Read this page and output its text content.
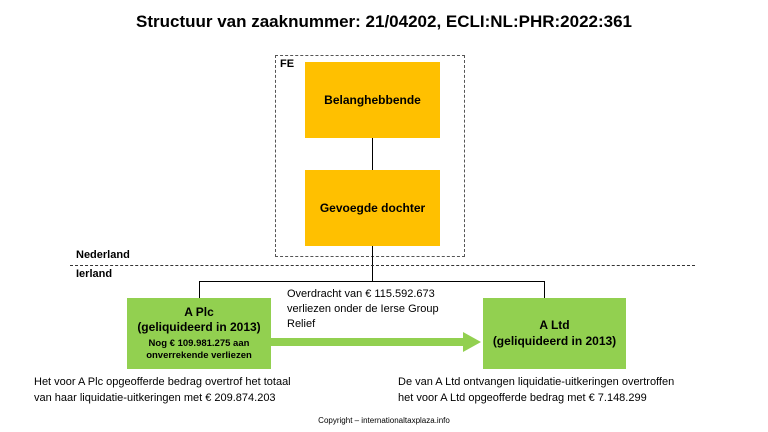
Structuur van zaaknummer: 21/04202, ECLI:NL:PHR:2022:361
FE
Belanghebbende
Gevoegde dochter
Nederland
Ierland
A Plc
(geliquideerd in 2013)
Nog € 109.981.275 aan
onverrekende verliezen
Overdracht van € 115.592.673
verliezen onder de Ierse Group
Relief	A Ltd
(geliquideerd in 2013)
Het voor A Plc opgeofferde bedrag overtrof het totaal
van haar liquidatie-uitkeringen met € 209.874.203
De van A Ltd ontvangen liquidatie-uitkeringen overtroffen
het voor A Ltd opgeofferde bedrag met € 7.148.299
Copyright – internationaltaxplaza.info
